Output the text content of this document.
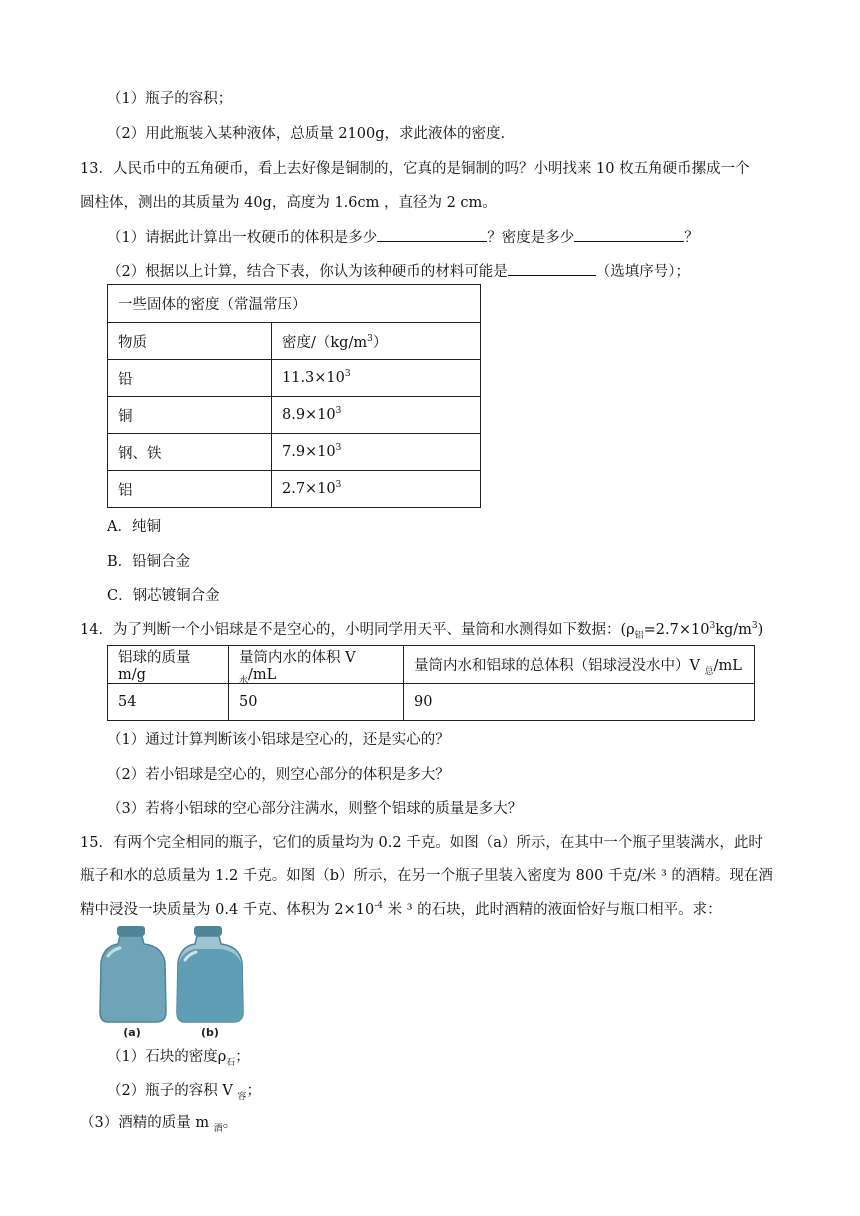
（1）瓶子的容积；
（2）用此瓶装入某种液体，总质量 2100g，求此液体的密度.
13．人民币中的五角硬币，看上去好像是铜制的，它真的是铜制的吗？小明找来 10 枚五角硬币摞成一个
圆柱体，测出的其质量为 40g，高度为 1.6cm ，直径为 2 cm。
（1）请据此计算出一枚硬币的体积是多少	？密度是多少	？
（2）根据以上计算，结合下表，你认为该种硬币的材料可能是	（选填序号）；
一些固体的密度（常温常压）	
物质	密度$/(kg/m^3)$
铅	$11.3\times 10^3$
铜	$8.9\times 10^3$
钢、铁	$7.9\times 10^3$
铝	$2.7\times 10^3$
A．纯铜
B．铅铜合金
C．钢芯镀铜合金
14．为了判断一个小铝球是不是空心的，小明同学用天平、量筒和水测得如下数据：$(\rho_铝=2.7\times 10^3kg/m^3)$
铝球的质量 m/g	量筒内水的体积 V $_水$/mL	量筒内水和铝球的总体积（铝球浸没水中）V $_总$/mL
54	50	90
（1）通过计算判断该小铝球是空心的，还是实心的？
（2）若小铝球是空心的，则空心部分的体积是多大？
（3）若将小铝球的空心部分注满水，则整个铝球的质量是多大？
15．有两个完全相同的瓶子，它们的质量均为 0.2 千克。如图（a）所示，在其中一个瓶子里装满水，此时
瓶子和水的总质量为 1.2 千克。如图（b）所示，在另一个瓶子里装入密度为 800 千克/米 ³ 的酒精。现在酒
精中浸没一块质量为 0.4 千克、体积为 $2\times 10^{-4}$ 米 ³ 的石块，此时酒精的液面恰好与瓶口相平。求：
(a)	(b)
（1）石块的密度$\rho_石$；
（2）瓶子的容积 V $_容$；
（3）酒精的质量 m $_酒$。
